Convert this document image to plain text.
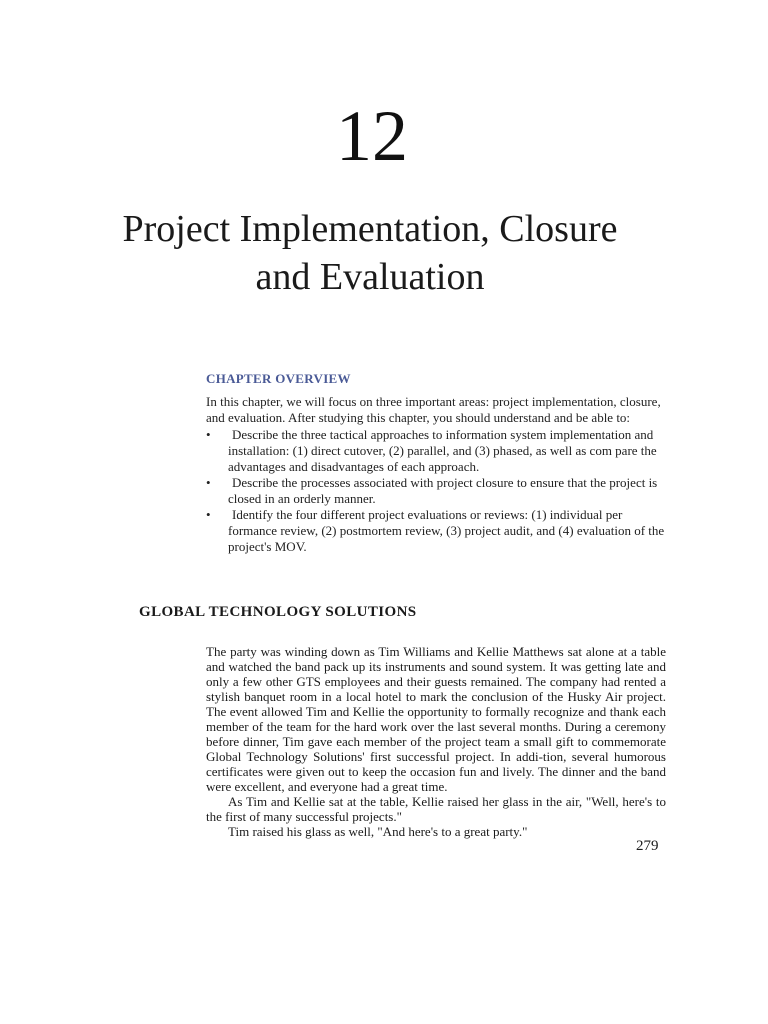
12
Project Implementation, Closure
and Evaluation
CHAPTER OVERVIEW

In this chapter, we will focus on three important areas: project implementation, closure, and evaluation. After studying this chapter, you should understand and be able to:

•	Describe the three tactical approaches to information system implementation and installation: (1) direct cutover, (2) parallel, and (3) phased, as well as com pare the advantages and disadvantages of each approach.
•	Describe the processes associated with project closure to ensure that the project is closed in an orderly manner.
•	Identify the four different project evaluations or reviews: (1) individual per formance review, (2) postmortem review, (3) project audit, and (4) evaluation of the project's MOV.
GLOBAL TECHNOLOGY SOLUTIONS

The party was winding down as Tim Williams and Kellie Matthews sat alone at a table and watched the band pack up its instruments and sound system. It was getting late and only a few other GTS employees and their guests remained. The company had rented a stylish banquet room in a local hotel to mark the conclusion of the Husky Air project. The event allowed Tim and Kellie the opportunity to formally recognize and thank each member of the team for the hard work over the last several months. During a ceremony before dinner, Tim gave each member of the project team a small gift to commemorate Global Technology Solutions' first successful project. In addi-tion, several humorous certificates were given out to keep the occasion fun and lively. The dinner and the band were excellent, and everyone had a great time.

As Tim and Kellie sat at the table, Kellie raised her glass in the air, "Well, here's to the first of many successful projects."

Tim raised his glass as well, "And here's to a great party."

279
